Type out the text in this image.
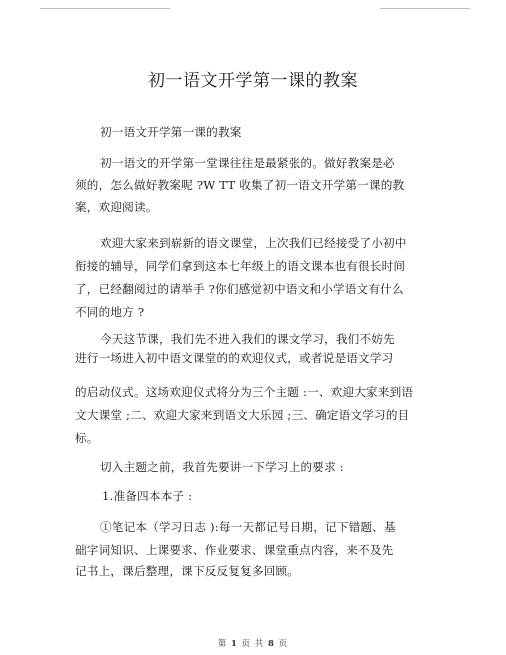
初一语文开学第一课的教案
初一语文开学第一课的教案
初一语文的开学第一堂课往往是最紧张的。做好教案是必
须的，怎么做好教案呢 ?W TT 收集了初一语文开学第一课的教
案，欢迎阅读。
欢迎大家来到崭新的语文课堂，上次我们已经接受了小初中
衔接的辅导，同学们拿到这本七年级上的语文课本也有很长时间
了，已经翻阅过的请举手 ?你们感觉初中语文和小学语文有什么
不同的地方 ?
今天这节课，我们先不进入我们的课文学习，我们不妨先
进行一场进入初中语文课堂的的欢迎仪式，或者说是语文学习
的启动仪式。这场欢迎仪式将分为三个主题 :一、欢迎大家来到语
文大课堂 ;二、欢迎大家来到语文大乐园 ;三、确定语文学习的目
标。
切入主题之前，我首先要讲一下学习上的要求 :
1.准备四本本子 :
①笔记本（学习日志 ):每一天都记号日期，记下错题、基
础字词知识、上课要求、作业要求、课堂重点内容，来不及先
记书上，课后整理，课下反反复复多回顾。
第 1 页 共 8 页
